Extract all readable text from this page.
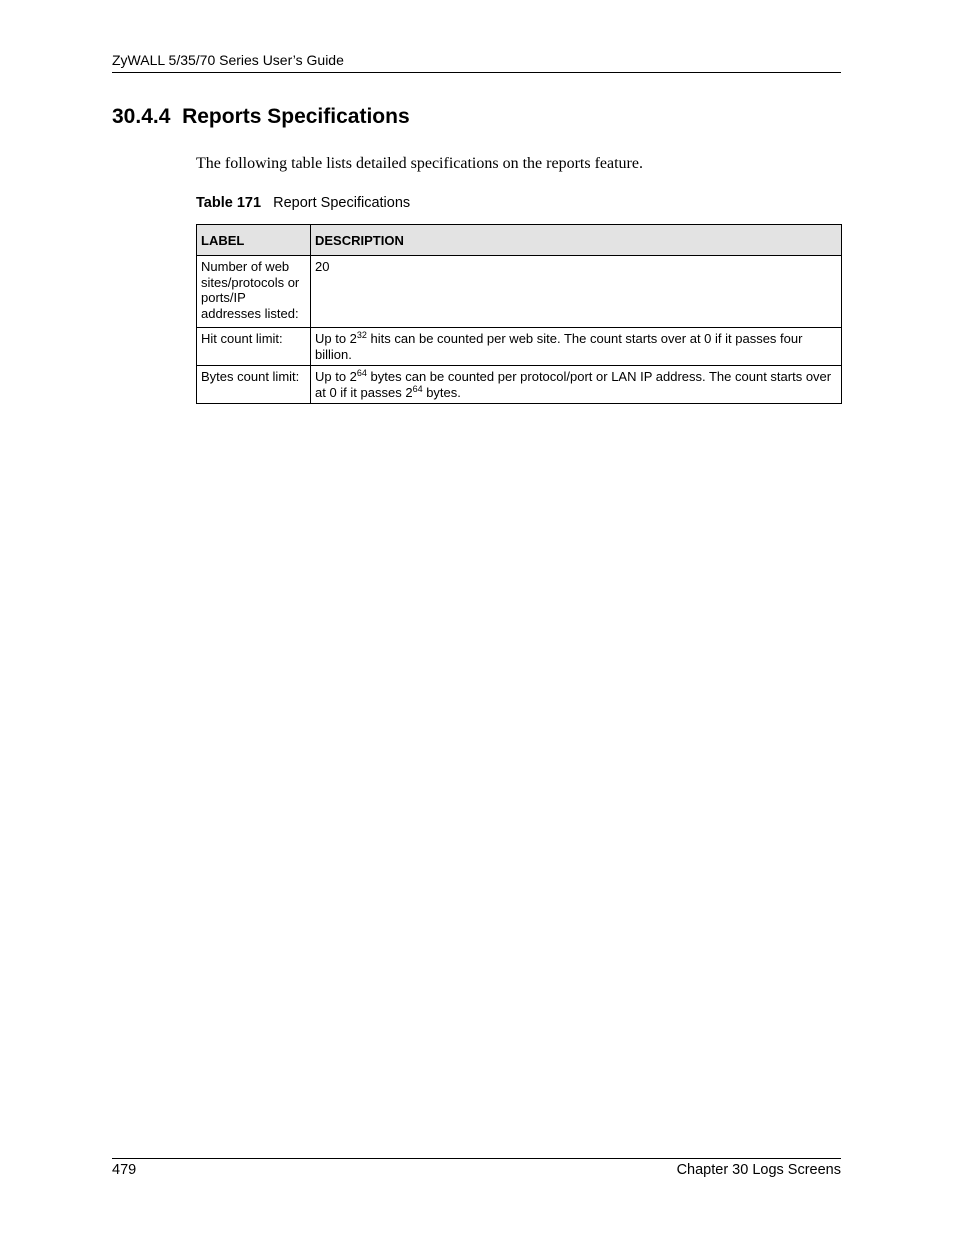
ZyWALL 5/35/70 Series User’s Guide
30.4.4 Reports Specifications
The following table lists detailed specifications on the reports feature.
Table 171 Report Specifications
LABEL	DESCRIPTION
Number of web sites/protocols or ports/IP addresses listed:	20
Hit count limit:	Up to $2^{32}$ hits can be counted per web site. The count starts over at 0 if it passes four billion.
Bytes count limit:	Up to $2^{64}$ bytes can be counted per protocol/port or LAN IP address. The count starts over at 0 if it passes $2^{64}$ bytes.
479	Chapter 30 Logs Screens
